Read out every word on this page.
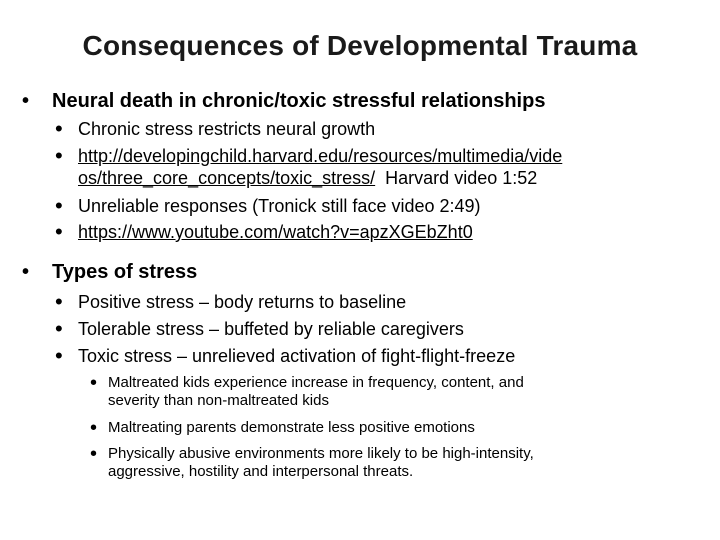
Consequences of Developmental Trauma
•	Neural death in chronic/toxic stressful relationships
• Chronic stress restricts neural growth
• http://developingchild.harvard.edu/resources/multimedia/vide
os/three_core_concepts/toxic_stress/ Harvard video 1:52
• Unreliable responses (Tronick still face video 2:49)
• https://www.youtube.com/watch?v=apzXGEbZht0
•	Types of stress
• Positive stress – body returns to baseline
• Tolerable stress – buffeted by reliable caregivers
• Toxic stress – unrelieved activation of fight-flight-freeze
• Maltreated kids experience increase in frequency, content, and
severity than non-maltreated kids
• Maltreating parents demonstrate less positive emotions
• Physically abusive environments more likely to be high-intensity,
aggressive, hostility and interpersonal threats.
